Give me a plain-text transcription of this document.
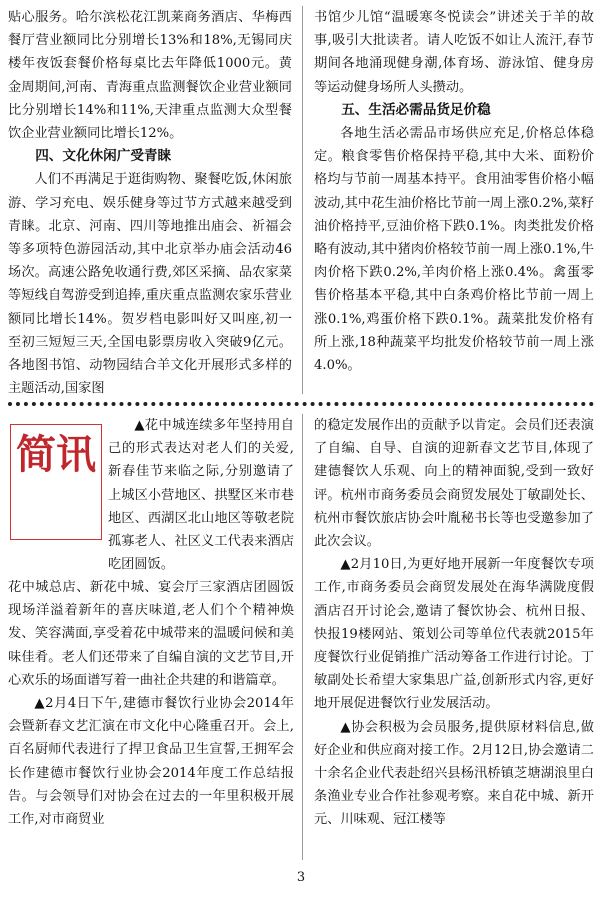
贴心服务。哈尔滨松花江凯莱商务酒店、华梅西餐厅营业额同比分别增长13%和18%,无锡同庆楼年夜饭套餐价格每桌比去年降低1000元。黄金周期间,河南、青海重点监测餐饮企业营业额同比分别增长14%和11%,天津重点监测大众型餐饮企业营业额同比增长12%。

四、文化休闲广受青睐

人们不再满足于逛街购物、聚餐吃饭,休闲旅游、学习充电、娱乐健身等过节方式越来越受到青睐。北京、河南、四川等地推出庙会、祈福会等多项特色游园活动,其中北京举办庙会活动46场次。高速公路免收通行费,郊区采摘、品农家菜等短线自驾游受到追捧,重庆重点监测农家乐营业额同比增长14%。贺岁档电影叫好又叫座,初一至初三短短三天,全国电影票房收入突破9亿元。各地图书馆、动物园结合羊文化开展形式多样的主题活动,国家图

书馆少儿馆“温暖寒冬悦读会”讲述关于羊的故事,吸引大批读者。请人吃饭不如让人流汗,春节期间各地涌现健身潮,体育场、游泳馆、健身房等运动健身场所人头攒动。

五、生活必需品货足价稳

各地生活必需品市场供应充足,价格总体稳定。粮食零售价格保持平稳,其中大米、面粉价格均与节前一周基本持平。食用油零售价格小幅波动,其中花生油价格比节前一周上涨0.2%,菜籽油价格持平,豆油价格下跌0.1%。肉类批发价格略有波动,其中猪肉价格较节前一周上涨0.1%,牛肉价格下跌0.2%,羊肉价格上涨0.4%。禽蛋零售价格基本平稳,其中白条鸡价格比节前一周上涨0.1%,鸡蛋价格下跌0.1%。蔬菜批发价格有所上涨,18种蔬菜平均批发价格较节前一周上涨4.0%。

简讯

▲花中城连续多年坚持用自己的形式表达对老人们的关爱,新春佳节来临之际,分别邀请了上城区小营地区、拱墅区米市巷地区、西湖区北山地区等敬老院孤寡老人、社区义工代表来酒店吃团圆饭。

花中城总店、新花中城、宴会厅三家酒店团圆饭现场洋溢着新年的喜庆味道,老人们个个精神焕发、笑容满面,享受着花中城带来的温暖问候和美味佳肴。老人们还带来了自编自演的文艺节目,开心欢乐的场面谱写着一曲社企共建的和谐篇章。

▲2月4日下午,建德市餐饮行业协会2014年会暨新春文艺汇演在市文化中心隆重召开。会上,百名厨师代表进行了捍卫食品卫生宣誓,王拥军会长作建德市餐饮行业协会2014年度工作总结报告。与会领导们对协会在过去的一年里积极开展工作,对市商贸业

的稳定发展作出的贡献予以肯定。会员们还表演了自编、自导、自演的迎新春文艺节目,体现了建德餐饮人乐观、向上的精神面貌,受到一致好评。杭州市商务委员会商贸发展处丁敏副处长、杭州市餐饮旅店协会叶胤秘书长等也受邀参加了此次会议。

▲2月10日,为更好地开展新一年度餐饮专项工作,市商务委员会商贸发展处在海华满陇度假酒店召开讨论会,邀请了餐饮协会、杭州日报、快报19楼网站、策划公司等单位代表就2015年度餐饮行业促销推广活动筹备工作进行讨论。丁敏副处长希望大家集思广益,创新形式内容,更好地开展促进餐饮行业发展活动。

▲协会积极为会员服务,提供原材料信息,做好企业和供应商对接工作。2月12日,协会邀请二十余名企业代表赴绍兴县杨汛桥镇芝塘湖浪里白条渔业专业合作社参观考察。来自花中城、新开元、川味观、冠江楼等

3
